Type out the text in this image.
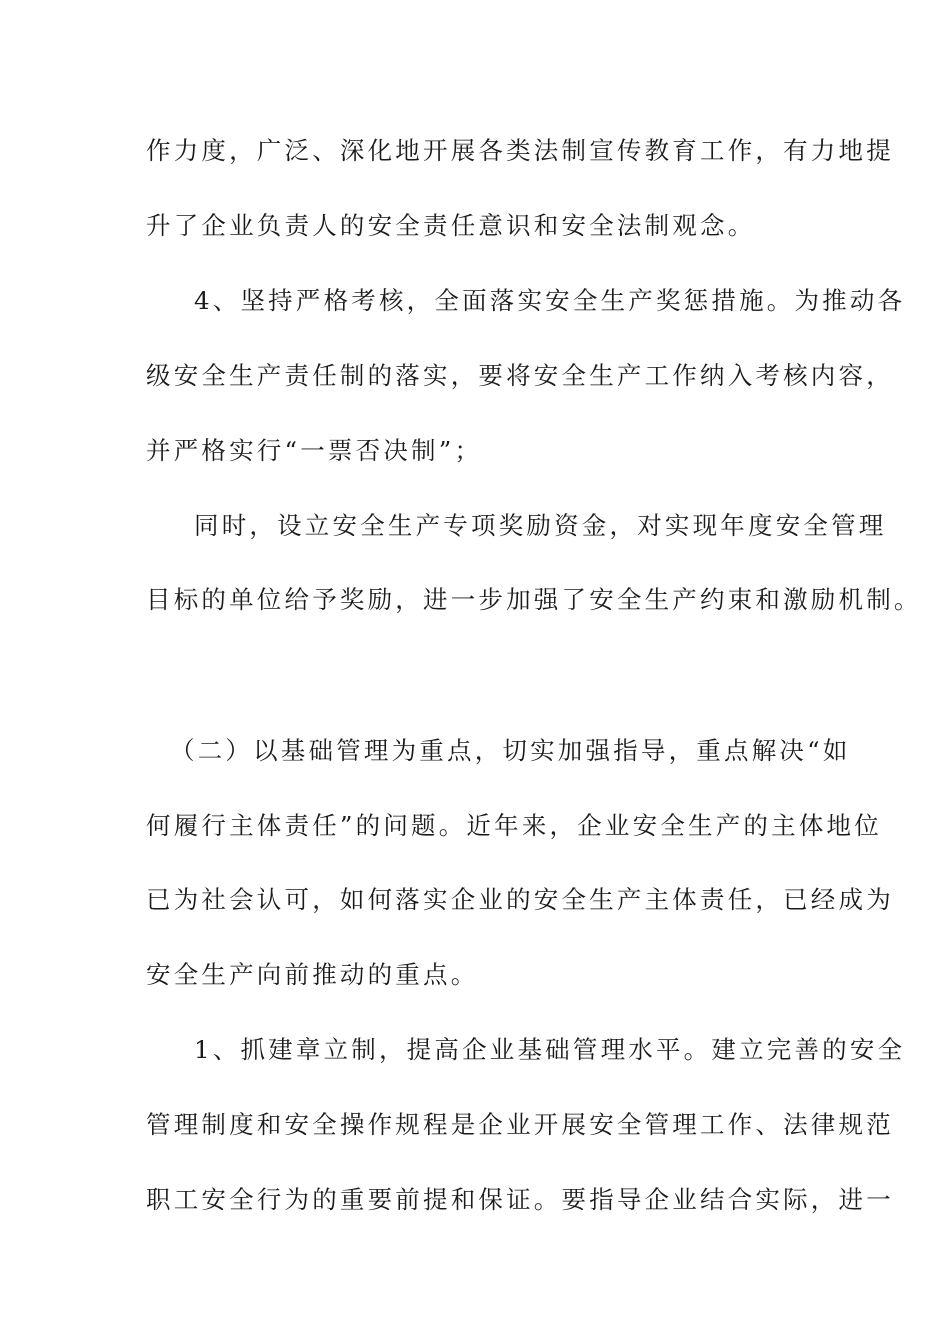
作力度，广泛、深化地开展各类法制宣传教育工作，有力地提

升了企业负责人的安全责任意识和安全法制观念。

4、坚持严格考核，全面落实安全生产奖惩措施。为推动各

级安全生产责任制的落实，要将安全生产工作纳入考核内容，

并严格实行“一票否决制”；

同时，设立安全生产专项奖励资金，对实现年度安全管理

目标的单位给予奖励，进一步加强了安全生产约束和激励机制。

（二）以基础管理为重点，切实加强指导，重点解决“如

何履行主体责任”的问题。近年来，企业安全生产的主体地位

已为社会认可，如何落实企业的安全生产主体责任，已经成为

安全生产向前推动的重点。

1、抓建章立制，提高企业基础管理水平。建立完善的安全

管理制度和安全操作规程是企业开展安全管理工作、法律规范

职工安全行为的重要前提和保证。要指导企业结合实际，进一
